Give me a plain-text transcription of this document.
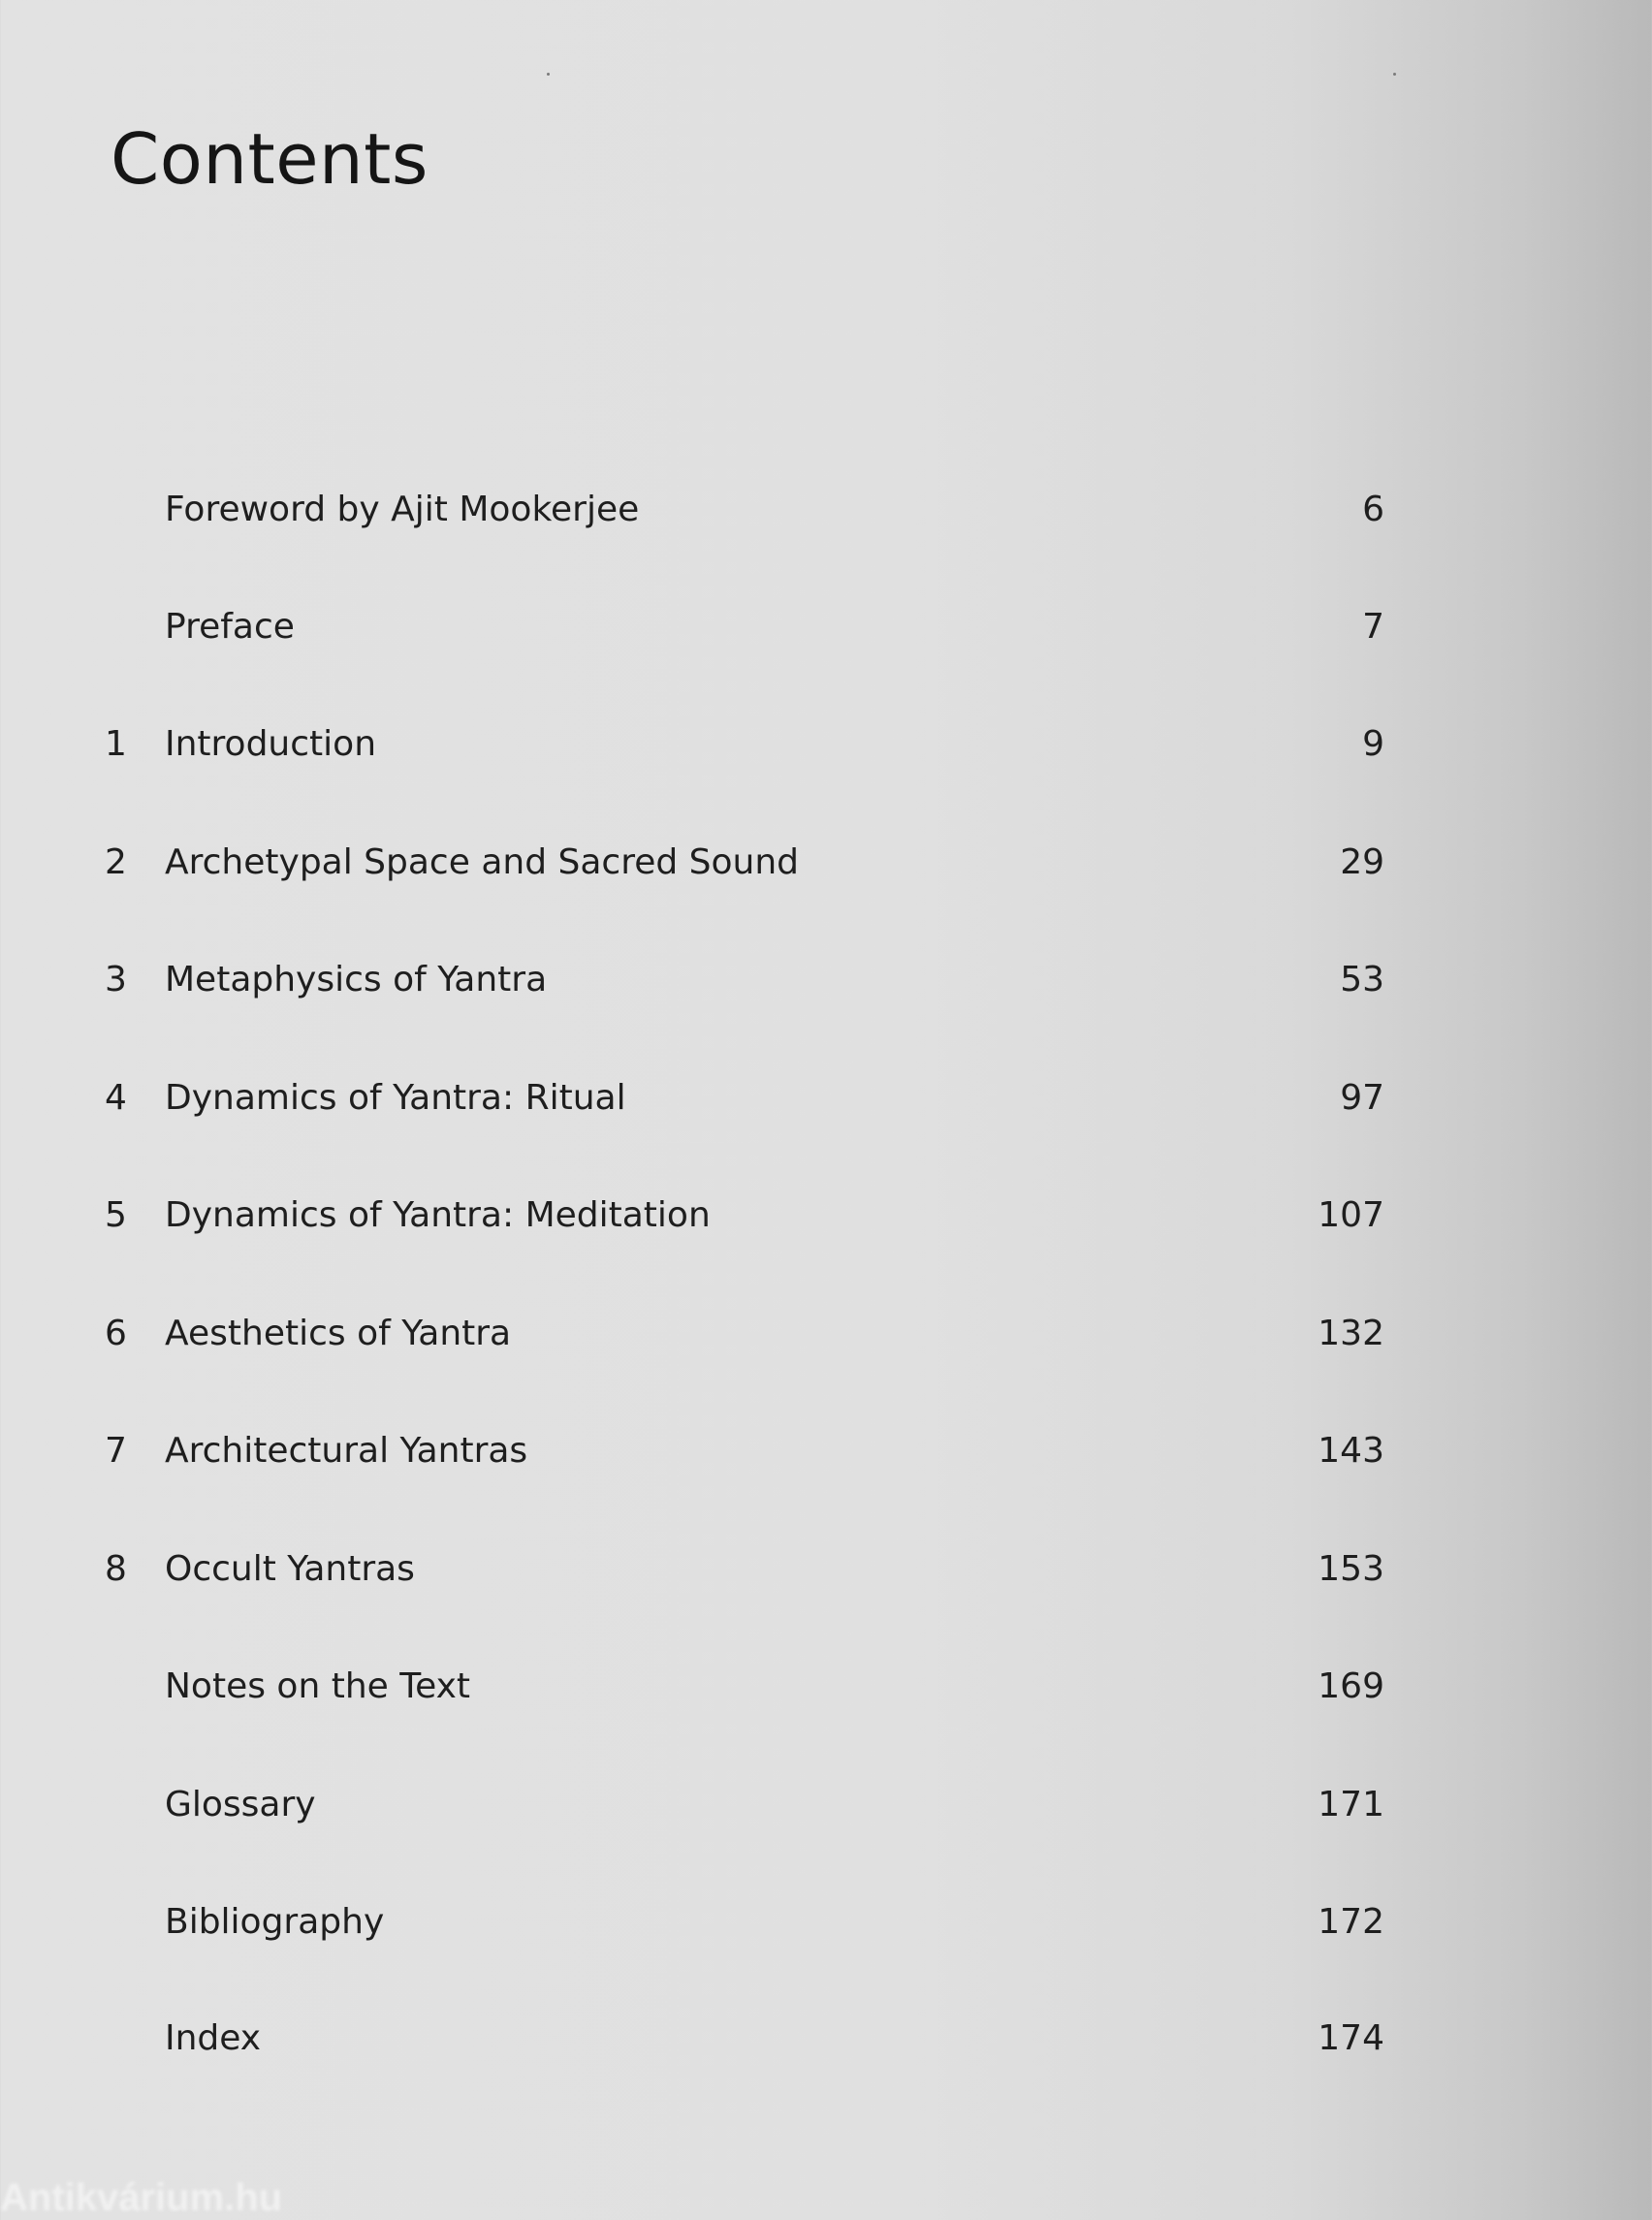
Contents
Foreword by Ajit Mookerjee	6
Preface	7
1	Introduction	9
2	Archetypal Space and Sacred Sound	29
3	Metaphysics of Yantra	53
4	Dynamics of Yantra: Ritual	97
5	Dynamics of Yantra: Meditation	107
6	Aesthetics of Yantra	132
7	Architectural Yantras	143
8	Occult Yantras	153
Notes on the Text	169
Glossary	171
Bibliography	172
Index	174
Antikvárium.hu
